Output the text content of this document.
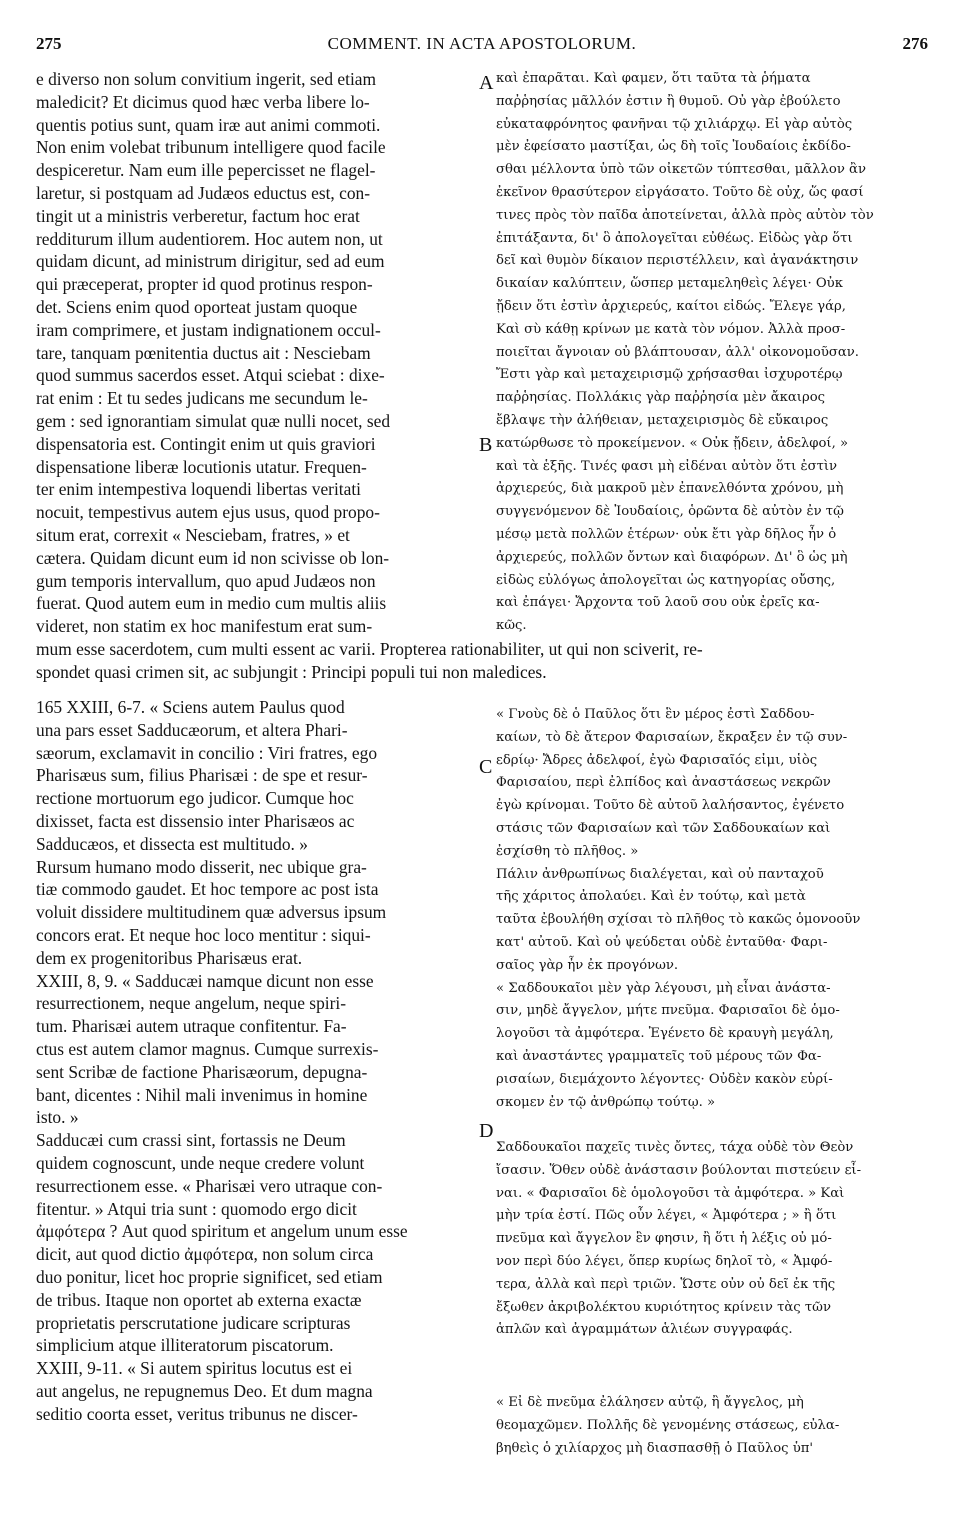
275	COMMENT. IN ACTA APOSTOLORUM.	276
e diverso non solum convitium ingerit, sed etiam
maledicit? Et dicimus quod hæc verba libere lo-
quentis potius sunt, quam iræ aut animi commoti.
Non enim volebat tribunum intelligere quod facile
despiceretur. Nam eum ille pepercisset ne flagel-
laretur, si postquam ad Judæos eductus est, con-
tingit ut a ministris verberetur, factum hoc erat
redditurum illum audentiorem. Hoc autem non, ut
quidam dicunt, ad ministrum dirigitur, sed ad eum
qui præceperat, propter id quod protinus respon-
det. Sciens enim quod oporteat justam quoque
iram comprimere, et justam indignationem occul-
tare, tanquam pœnitentia ductus ait : Nesciebam
quod summus sacerdos esset. Atqui sciebat : dixe-
rat enim : Et tu sedes judicans me secundum le-
gem : sed ignorantiam simulat quæ nulli nocet, sed
dispensatoria est. Contingit enim ut quis graviori
dispensatione liberæ locutionis utatur. Frequen-
ter enim intempestiva loquendi libertas veritati
nocuit, tempestivus autem ejus usus, quod propo-
situm erat, correxit « Nesciebam, fratres, » et
cætera. Quidam dicunt eum id non scivisse ob lon-
gum temporis intervallum, quo apud Judæos non
fuerat. Quod autem eum in medio cum multis aliis
videret, non statim ex hoc manifestum erat sum-
καὶ ἐπαρᾶται. Καὶ φαμεν, ὅτι ταῦτα τὰ ῥήματα
παῤῥησίας μᾶλλόν ἐστιν ἢ θυμοῦ. Οὐ γὰρ ἐβούλετο
εὐκαταφρόνητος φανῆναι τῷ χιλιάρχῳ. Εἰ γὰρ αὐτὸς
μὲν ἐφείσατο μαστίξαι, ὡς δὴ τοῖς Ἰουδαίοις ἐκδίδο-
σθαι μέλλοντα ὑπὸ τῶν οἰκετῶν τύπτεσθαι, μᾶλλον ἂν
ἐκεῖνον θρασύτερον εἰργάσατο. Τοῦτο δὲ οὐχ, ὥς φασί
τινες πρὸς τὸν παῖδα ἀποτείνεται, ἀλλὰ πρὸς αὐτὸν τὸν
ἐπιτάξαντα, δι' ὃ ἀπολογεῖται εὐθέως. Εἰδὼς γὰρ ὅτι
δεῖ καὶ θυμὸν δίκαιον περιστέλλειν, καὶ ἀγανάκτησιν
δικαίαν καλύπτειν, ὥσπερ μεταμεληθεὶς λέγει· Οὐκ
ᾔδειν ὅτι ἐστὶν ἀρχιερεύς, καίτοι εἰδώς. Ἔλεγε γάρ,
Καὶ σὺ κάθῃ κρίνων με κατὰ τὸν νόμον. Ἀλλὰ προσ-
ποιεῖται ἄγνοιαν οὐ βλάπτουσαν, ἀλλ' οἰκονομοῦσαν.
Ἔστι γὰρ καὶ μεταχειρισμῷ χρήσασθαι ἰσχυροτέρῳ
παῤῥησίας. Πολλάκις γὰρ παῤῥησία μὲν ἄκαιρος
ἔβλαψε τὴν ἀλήθειαν, μεταχειρισμὸς δὲ εὔκαιρος
κατώρθωσε τὸ προκείμενον. « Οὐκ ᾔδειν, ἀδελφοί, »
καὶ τὰ ἑξῆς. Τινές φασι μὴ εἰδέναι αὐτὸν ὅτι ἐστὶν
ἀρχιερεύς, διὰ μακροῦ μὲν ἐπανελθόντα χρόνου, μὴ
συγγενόμενον δὲ Ἰουδαίοις, ὁρῶντα δὲ αὐτὸν ἐν τῷ
μέσῳ μετὰ πολλῶν ἑτέρων· οὐκ ἔτι γὰρ δῆλος ἦν ὁ
ἀρχιερεύς, πολλῶν ὄντων καὶ διαφόρων. Δι' ὃ ὡς μὴ
εἰδὼς εὐλόγως ἀπολογεῖται ὡς κατηγορίας οὔσης,
καὶ ἐπάγει· Ἄρχοντα τοῦ λαοῦ σου οὐκ ἐρεῖς κα-
κῶς.
mum esse sacerdotem, cum multi essent ac varii. Propterea rationabiliter, ut qui non sciverit, re-
spondet quasi crimen sit, ac subjungit : Principi populi tui non maledices.
165 XXIII, 6-7. « Sciens autem Paulus quod
una pars esset Sadducæorum, et altera Phari-
sæorum, exclamavit in concilio : Viri fratres, ego
Pharisæus sum, filius Pharisæi : de spe et resur-
rectione mortuorum ego judicor. Cumque hoc
dixisset, facta est dissensio inter Pharisæos ac
Sadducæos, et dissecta est multitudo. »
Rursum humano modo disserit, nec ubique gra-
tiæ commodo gaudet. Et hoc tempore ac post ista
voluit dissidere multitudinem quæ adversus ipsum
concors erat. Et neque hoc loco mentitur : siqui-
dem ex progenitoribus Pharisæus erat.
XXIII, 8, 9. « Sadducæi namque dicunt non esse
resurrectionem, neque angelum, neque spiri-
tum. Pharisæi autem utraque confitentur. Fa-
ctus est autem clamor magnus. Cumque surrexis-
sent Scribæ de factione Pharisæorum, depugna-
bant, dicentes : Nihil mali invenimus in homine
isto. »
Sadducæi cum crassi sint, fortassis ne Deum
quidem cognoscunt, unde neque credere volunt
resurrectionem esse. « Pharisæi vero utraque con-
fitentur. » Atqui tria sunt : quomodo ergo dicit
ἀμφότερα ? Aut quod spiritum et angelum unum esse
dicit, aut quod dictio ἀμφότερα, non solum circa
duo ponitur, licet hoc proprie significet, sed etiam
de tribus. Itaque non oportet ab externa exactæ
proprietatis perscrutatione judicare scripturas
simplicium atque illiteratorum piscatorum.
XXIII, 9-11. « Si autem spiritus locutus est ei
aut angelus, ne repugnemus Deo. Et dum magna
seditio coorta esset, veritus tribunus ne discer-
« Γνοὺς δὲ ὁ Παῦλος ὅτι ἓν μέρος ἐστὶ Σαδδου-
καίων, τὸ δὲ ἄτερον Φαρισαίων, ἔκραξεν ἐν τῷ συν-
εδρίῳ· Ἄδρες ἀδελφοί, ἐγὼ Φαρισαῖός εἰμι, υἱὸς
Φαρισαίου, περὶ ἐλπίδος καὶ ἀναστάσεως νεκρῶν
ἐγὼ κρίνομαι. Τοῦτο δὲ αὐτοῦ λαλήσαντος, ἐγένετο
στάσις τῶν Φαρισαίων καὶ τῶν Σαδδουκαίων καὶ
ἐσχίσθη τὸ πλῆθος. »
Πάλιν ἀνθρωπίνως διαλέγεται, καὶ οὐ πανταχοῦ
τῆς χάριτος ἀπολαύει. Καὶ ἐν τούτῳ, καὶ μετὰ
ταῦτα ἐβουλήθη σχίσαι τὸ πλῆθος τὸ κακῶς ὁμονοοῦν
κατ' αὐτοῦ. Καὶ οὐ ψεύδεται οὐδὲ ἐνταῦθα· Φαρι-
σαῖος γὰρ ἦν ἐκ προγόνων.
« Σαδδουκαῖοι μὲν γὰρ λέγουσι, μὴ εἶναι ἀνάστα-
σιν, μηδὲ ἄγγελον, μήτε πνεῦμα. Φαρισαῖοι δὲ ὁμο-
λογοῦσι τὰ ἀμφότερα. Ἐγένετο δὲ κραυγὴ μεγάλη,
καὶ ἀναστάντες γραμματεῖς τοῦ μέρους τῶν Φα-
ρισαίων, διεμάχοντο λέγοντες· Οὐδὲν κακὸν εὑρί-
σκομεν ἐν τῷ ἀνθρώπῳ τούτῳ. »
Σαδδουκαῖοι παχεῖς τινὲς ὄντες, τάχα οὐδὲ τὸν Θεὸν
ἴσασιν. Ὅθεν οὐδὲ ἀνάστασιν βούλονται πιστεύειν εἶ-
ναι. « Φαρισαῖοι δὲ ὁμολογοῦσι τὰ ἀμφότερα. » Καὶ
μὴν τρία ἐστί. Πῶς οὖν λέγει, « Ἀμφότερα ; » ἢ ὅτι
πνεῦμα καὶ ἄγγελον ἓν φησιν, ἢ ὅτι ἡ λέξις οὐ μό-
νον περὶ δύο λέγει, ὅπερ κυρίως δηλοῖ τὸ, « Ἀμφό-
τερα, ἀλλὰ καὶ περὶ τριῶν. Ὥστε οὐν οὐ δεῖ ἐκ τῆς
ἔξωθεν ἀκριβολέκτου κυριότητος κρίνειν τὰς τῶν
ἁπλῶν καὶ ἀγραμμάτων ἁλιέων συγγραφάς.
« Εἰ δὲ πνεῦμα ἐλάλησεν αὐτῷ, ἢ ἄγγελος, μὴ
θεομαχῶμεν. Πολλῆς δὲ γενομένης στάσεως, εὐλα-
βηθεὶς ὁ χιλίαρχος μὴ διασπασθῇ ὁ Παῦλος ὑπ'
A
B
C
D
